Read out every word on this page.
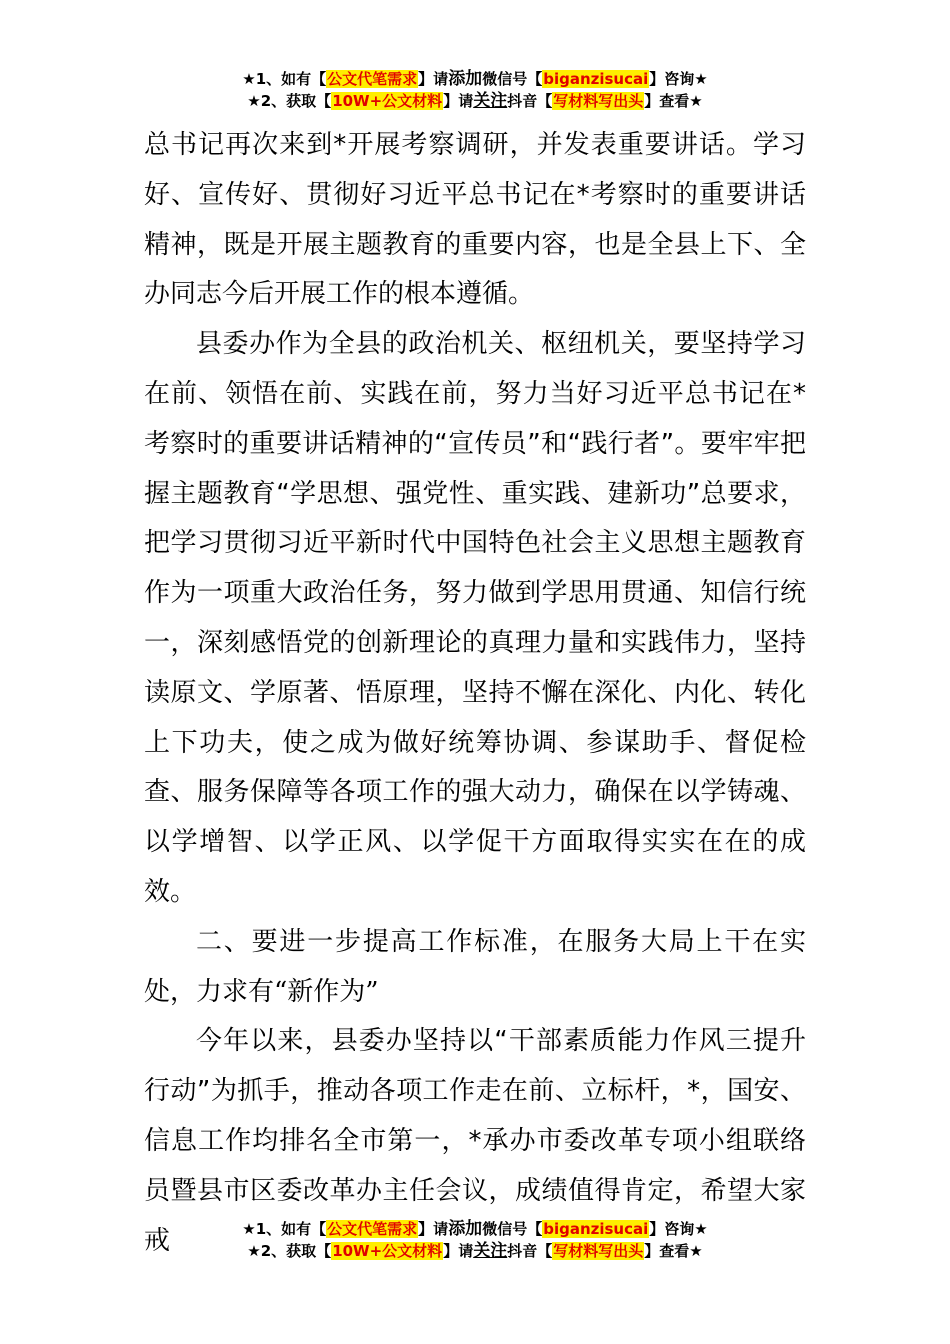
★1、如有【公文代笔需求】请添加微信号【biganzisucai】咨询★
★2、获取【10W+公文材料】请关注抖音【写材料写出头】查看★

总书记再次来到*开展考察调研，并发表重要讲话。学习好、宣传好、贯彻好习近平总书记在*考察时的重要讲话精神，既是开展主题教育的重要内容，也是全县上下、全办同志今后开展工作的根本遵循。

县委办作为全县的政治机关、枢纽机关，要坚持学习在前、领悟在前、实践在前，努力当好习近平总书记在*考察时的重要讲话精神的“宣传员”和“践行者”。要牢牢把握主题教育“学思想、强党性、重实践、建新功”总要求，把学习贯彻习近平新时代中国特色社会主义思想主题教育作为一项重大政治任务，努力做到学思用贯通、知信行统一，深刻感悟党的创新理论的真理力量和实践伟力，坚持读原文、学原著、悟原理，坚持不懈在深化、内化、转化上下功夫，使之成为做好统筹协调、参谋助手、督促检查、服务保障等各项工作的强大动力，确保在以学铸魂、以学增智、以学正风、以学促干方面取得实实在在的成效。

二、要进一步提高工作标准，在服务大局上干在实处，力求有“新作为”

今年以来，县委办坚持以“干部素质能力作风三提升行动”为抓手，推动各项工作走在前、立标杆，*，国安、信息工作均排名全市第一，*承办市委改革专项小组联络员暨县市区委改革办主任会议，成绩值得肯定，希望大家戒	★1、如有【公文代笔需求】请添加微信号【biganzisucai】咨询★
★2、获取【10W+公文材料】请关注抖音【写材料写出头】查看★
